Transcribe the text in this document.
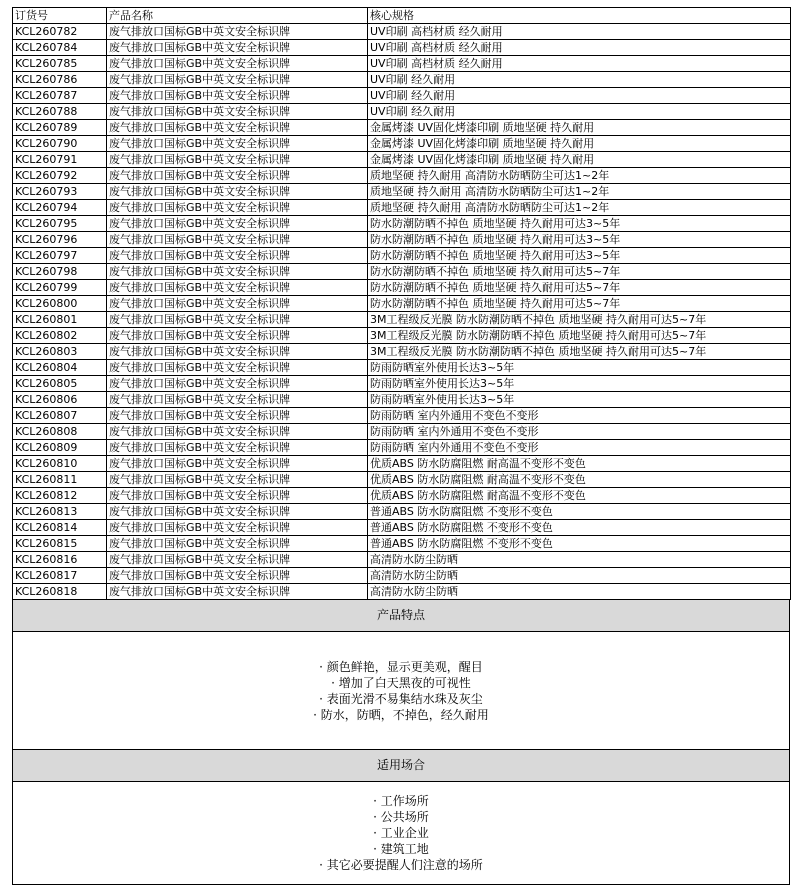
订货号	产品名称	核心规格
KCL260782	废气排放口国标GB中英文安全标识牌	UV印刷 高档材质 经久耐用
KCL260784	废气排放口国标GB中英文安全标识牌	UV印刷 高档材质 经久耐用
KCL260785	废气排放口国标GB中英文安全标识牌	UV印刷 高档材质 经久耐用
KCL260786	废气排放口国标GB中英文安全标识牌	UV印刷 经久耐用
KCL260787	废气排放口国标GB中英文安全标识牌	UV印刷 经久耐用
KCL260788	废气排放口国标GB中英文安全标识牌	UV印刷 经久耐用
KCL260789	废气排放口国标GB中英文安全标识牌	金属烤漆 UV固化烤漆印刷 质地坚硬 持久耐用
KCL260790	废气排放口国标GB中英文安全标识牌	金属烤漆 UV固化烤漆印刷 质地坚硬 持久耐用
KCL260791	废气排放口国标GB中英文安全标识牌	金属烤漆 UV固化烤漆印刷 质地坚硬 持久耐用
KCL260792	废气排放口国标GB中英文安全标识牌	质地坚硬 持久耐用 高清防水防晒防尘可达1~2年
KCL260793	废气排放口国标GB中英文安全标识牌	质地坚硬 持久耐用 高清防水防晒防尘可达1~2年
KCL260794	废气排放口国标GB中英文安全标识牌	质地坚硬 持久耐用 高清防水防晒防尘可达1~2年
KCL260795	废气排放口国标GB中英文安全标识牌	防水防潮防晒不掉色 质地坚硬 持久耐用可达3~5年
KCL260796	废气排放口国标GB中英文安全标识牌	防水防潮防晒不掉色 质地坚硬 持久耐用可达3~5年
KCL260797	废气排放口国标GB中英文安全标识牌	防水防潮防晒不掉色 质地坚硬 持久耐用可达3~5年
KCL260798	废气排放口国标GB中英文安全标识牌	防水防潮防晒不掉色 质地坚硬 持久耐用可达5~7年
KCL260799	废气排放口国标GB中英文安全标识牌	防水防潮防晒不掉色 质地坚硬 持久耐用可达5~7年
KCL260800	废气排放口国标GB中英文安全标识牌	防水防潮防晒不掉色 质地坚硬 持久耐用可达5~7年
KCL260801	废气排放口国标GB中英文安全标识牌	3M工程级反光膜 防水防潮防晒不掉色 质地坚硬 持久耐用可达5~7年
KCL260802	废气排放口国标GB中英文安全标识牌	3M工程级反光膜 防水防潮防晒不掉色 质地坚硬 持久耐用可达5~7年
KCL260803	废气排放口国标GB中英文安全标识牌	3M工程级反光膜 防水防潮防晒不掉色 质地坚硬 持久耐用可达5~7年
KCL260804	废气排放口国标GB中英文安全标识牌	防雨防晒室外使用长达3~5年
KCL260805	废气排放口国标GB中英文安全标识牌	防雨防晒室外使用长达3~5年
KCL260806	废气排放口国标GB中英文安全标识牌	防雨防晒室外使用长达3~5年
KCL260807	废气排放口国标GB中英文安全标识牌	防雨防晒 室内外通用不变色不变形
KCL260808	废气排放口国标GB中英文安全标识牌	防雨防晒 室内外通用不变色不变形
KCL260809	废气排放口国标GB中英文安全标识牌	防雨防晒 室内外通用不变色不变形
KCL260810	废气排放口国标GB中英文安全标识牌	优质ABS 防水防腐阻燃 耐高温不变形不变色
KCL260811	废气排放口国标GB中英文安全标识牌	优质ABS 防水防腐阻燃 耐高温不变形不变色
KCL260812	废气排放口国标GB中英文安全标识牌	优质ABS 防水防腐阻燃 耐高温不变形不变色
KCL260813	废气排放口国标GB中英文安全标识牌	普通ABS 防水防腐阻燃 不变形不变色
KCL260814	废气排放口国标GB中英文安全标识牌	普通ABS 防水防腐阻燃 不变形不变色
KCL260815	废气排放口国标GB中英文安全标识牌	普通ABS 防水防腐阻燃 不变形不变色
KCL260816	废气排放口国标GB中英文安全标识牌	高清防水防尘防晒
KCL260817	废气排放口国标GB中英文安全标识牌	高清防水防尘防晒
KCL260818	废气排放口国标GB中英文安全标识牌	高清防水防尘防晒
产品特点
· 颜色鲜艳，显示更美观，醒目
· 增加了白天黑夜的可视性
· 表面光滑不易集结水珠及灰尘
· 防水，防晒，不掉色，经久耐用
适用场合
· 工作场所
· 公共场所
· 工业企业
· 建筑工地
· 其它必要提醒人们注意的场所
